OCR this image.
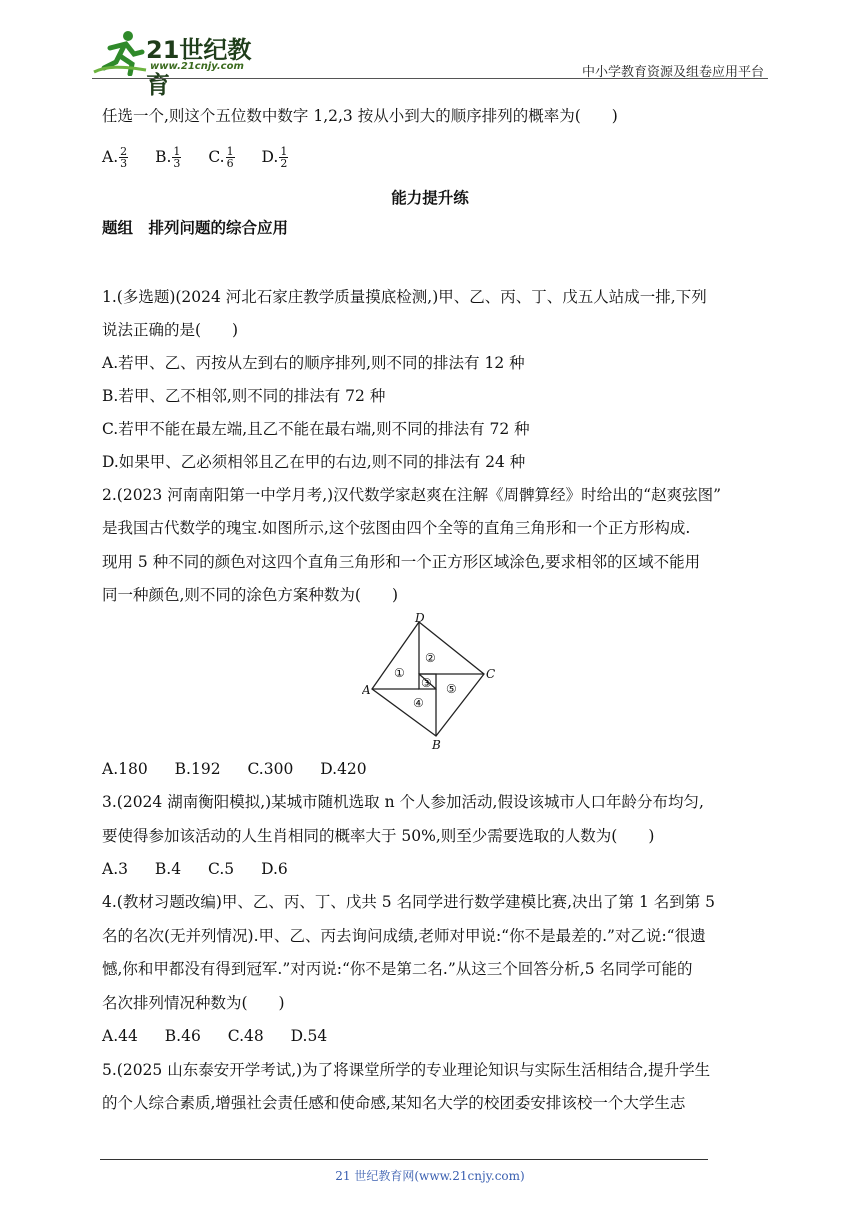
21世纪教育
www.21cnjy.com	中小学教育资源及组卷应用平台
任选一个,则这个五位数中数字 1,2,3 按从小到大的顺序排列的概率为(　　)
A. $\frac{2}{3} B$. $\frac{1}{3} C$. $\frac{1}{6} D$. $\frac{1}{2}$
能力提升练
题组　排列问题的综合应用
1.(多选题)(2024 河北石家庄教学质量摸底检测,)甲、乙、丙、丁、戊五人站成一排,下列
说法正确的是(　　)
A.若甲、乙、丙按从左到右的顺序排列,则不同的排法有 12 种
B.若甲、乙不相邻,则不同的排法有 72 种
C.若甲不能在最左端,且乙不能在最右端,则不同的排法有 72 种
D.如果甲、乙必须相邻且乙在甲的右边,则不同的排法有 24 种
2.(2023 河南南阳第一中学月考,)汉代数学家赵爽在注解《周髀算经》时给出的“赵爽弦图”
是我国古代数学的瑰宝.如图所示,这个弦图由四个全等的直角三角形和一个正方形构成.
现用 5 种不同的颜色对这四个直角三角形和一个正方形区域涂色,要求相邻的区域不能用
同一种颜色,则不同的涂色方案种数为(　　)
D
C
A
B
①
②
③
④
⑤
A.180 B.192 C.300 D.420
3.(2024 湖南衡阳模拟,)某城市随机选取 n 个人参加活动,假设该城市人口年龄分布均匀,
要使得参加该活动的人生肖相同的概率大于 50%,则至少需要选取的人数为(　　)
A.3 B.4 C.5 D.6
4.(教材习题改编)甲、乙、丙、丁、戊共 5 名同学进行数学建模比赛,决出了第 1 名到第 5
名的名次(无并列情况).甲、乙、丙去询问成绩,老师对甲说:“你不是最差的.”对乙说:“很遗
憾,你和甲都没有得到冠军.”对丙说:“你不是第二名.”从这三个回答分析,5 名同学可能的
名次排列情况种数为(　　)
A.44 B.46 C.48 D.54
5.(2025 山东泰安开学考试,)为了将课堂所学的专业理论知识与实际生活相结合,提升学生
的个人综合素质,增强社会责任感和使命感,某知名大学的校团委安排该校一个大学生志
21 世纪教育网(www.21cnjy.com)
